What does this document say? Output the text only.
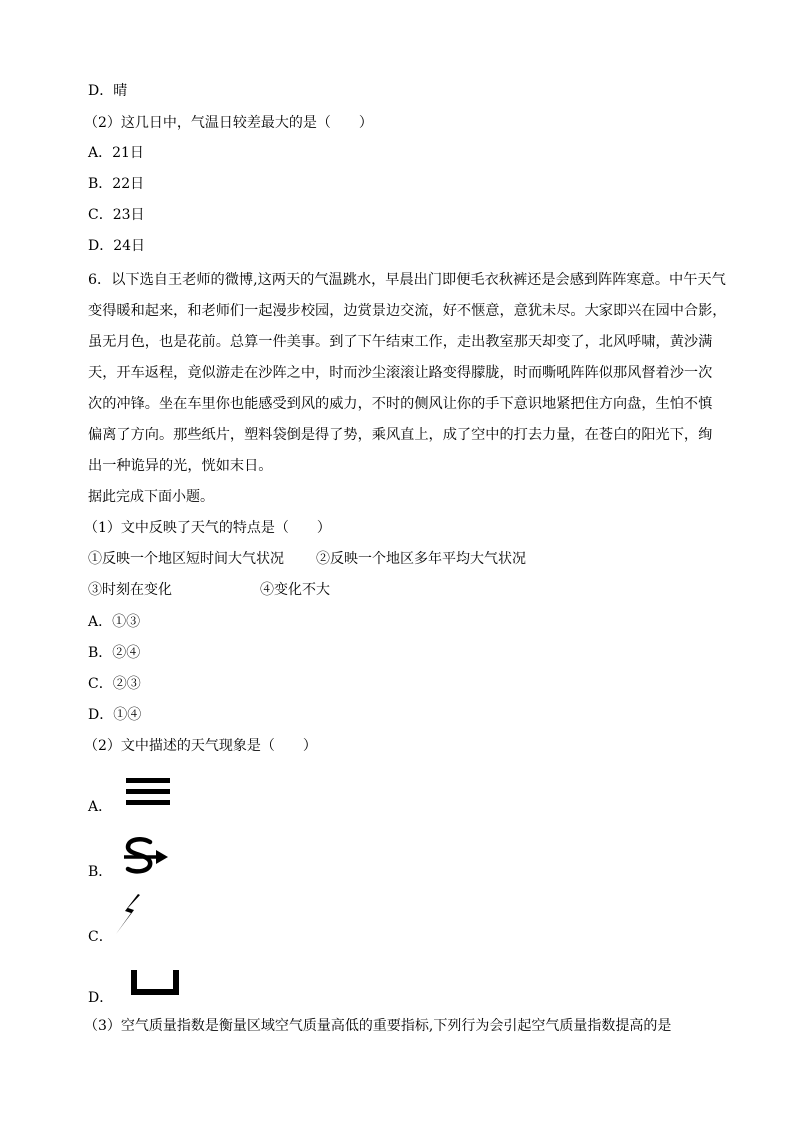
D．晴
（2）这几日中，气温日较差最大的是（　　）
A．21日
B．22日
C．23日
D．24日
6．以下选自王老师的微博,这两天的气温跳水，早晨出门即便毛衣秋裤还是会感到阵阵寒意。中午天气
变得暖和起来，和老师们一起漫步校园，边赏景边交流，好不惬意，意犹未尽。大家即兴在园中合影，
虽无月色，也是花前。总算一件美事。到了下午结束工作，走出教室那天却变了，北风呼啸，黄沙满
天，开车返程，竟似游走在沙阵之中，时而沙尘滚滚让路变得朦胧，时而嘶吼阵阵似那风督着沙一次
次的冲锋。坐在车里你也能感受到风的威力，不时的侧风让你的手下意识地紧把住方向盘，生怕不慎
偏离了方向。那些纸片，塑料袋倒是得了势，乘风直上，成了空中的打去力量，在苍白的阳光下，绚
出一种诡异的光，恍如末日。
据此完成下面小题。
（1）文中反映了天气的特点是（　　）
①反映一个地区短时间大气状况 ②反映一个地区多年平均大气状况
③时刻在变化	④变化不大
A．①③
B．②④
C．②③
D．①④
（2）文中描述的天气现象是（　　）
A．
B．
C．
D．
（3）空气质量指数是衡量区域空气质量高低的重要指标,下列行为会引起空气质量指数提高的是
